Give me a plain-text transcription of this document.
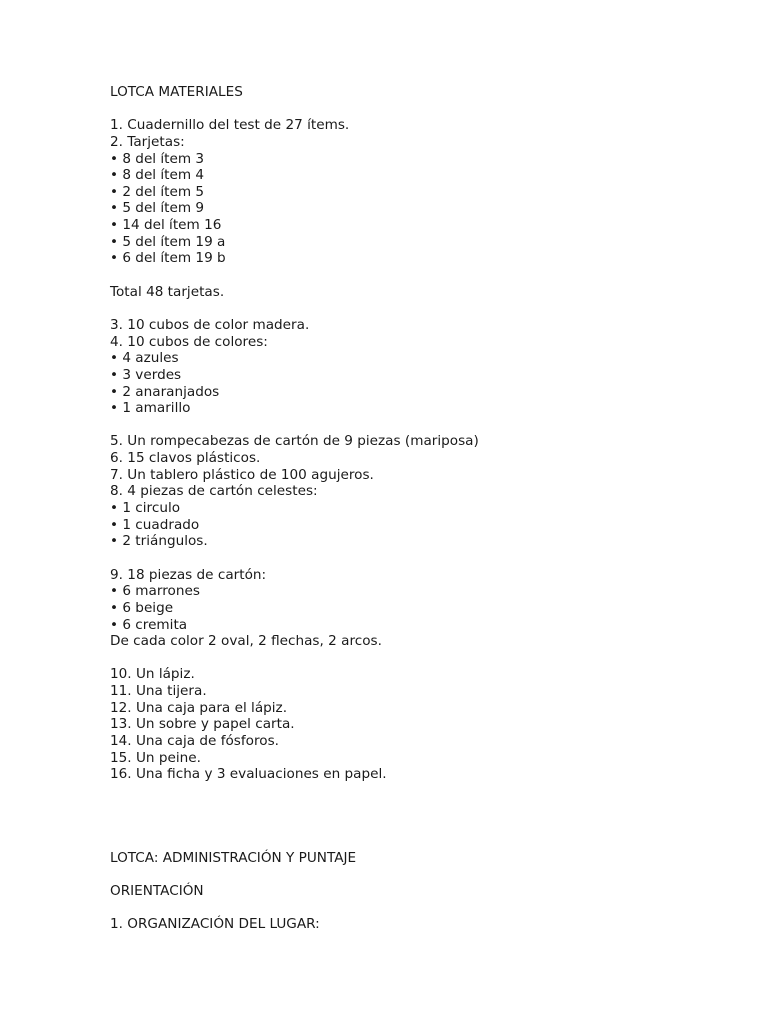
LOTCA MATERIALES
1. Cuadernillo del test de 27 ítems.
2. Tarjetas:
• 8 del ítem 3
• 8 del ítem 4
• 2 del ítem 5
• 5 del ítem 9
• 14 del ítem 16
• 5 del ítem 19 a
• 6 del ítem 19 b
Total 48 tarjetas.
3. 10 cubos de color madera.
4. 10 cubos de colores:
• 4 azules
• 3 verdes
• 2 anaranjados
• 1 amarillo
5. Un rompecabezas de cartón de 9 piezas (mariposa)
6. 15 clavos plásticos.
7. Un tablero plástico de 100 agujeros.
8. 4 piezas de cartón celestes:
• 1 circulo
• 1 cuadrado
• 2 triángulos.
9. 18 piezas de cartón:
• 6 marrones
• 6 beige
• 6 cremita
De cada color 2 oval, 2 flechas, 2 arcos.
10. Un lápiz.
11. Una tijera.
12. Una caja para el lápiz.
13. Un sobre y papel carta.
14. Una caja de fósforos.
15. Un peine.
16. Una ficha y 3 evaluaciones en papel.
LOTCA: ADMINISTRACIÓN Y PUNTAJE
ORIENTACIÓN
1. ORGANIZACIÓN DEL LUGAR:
